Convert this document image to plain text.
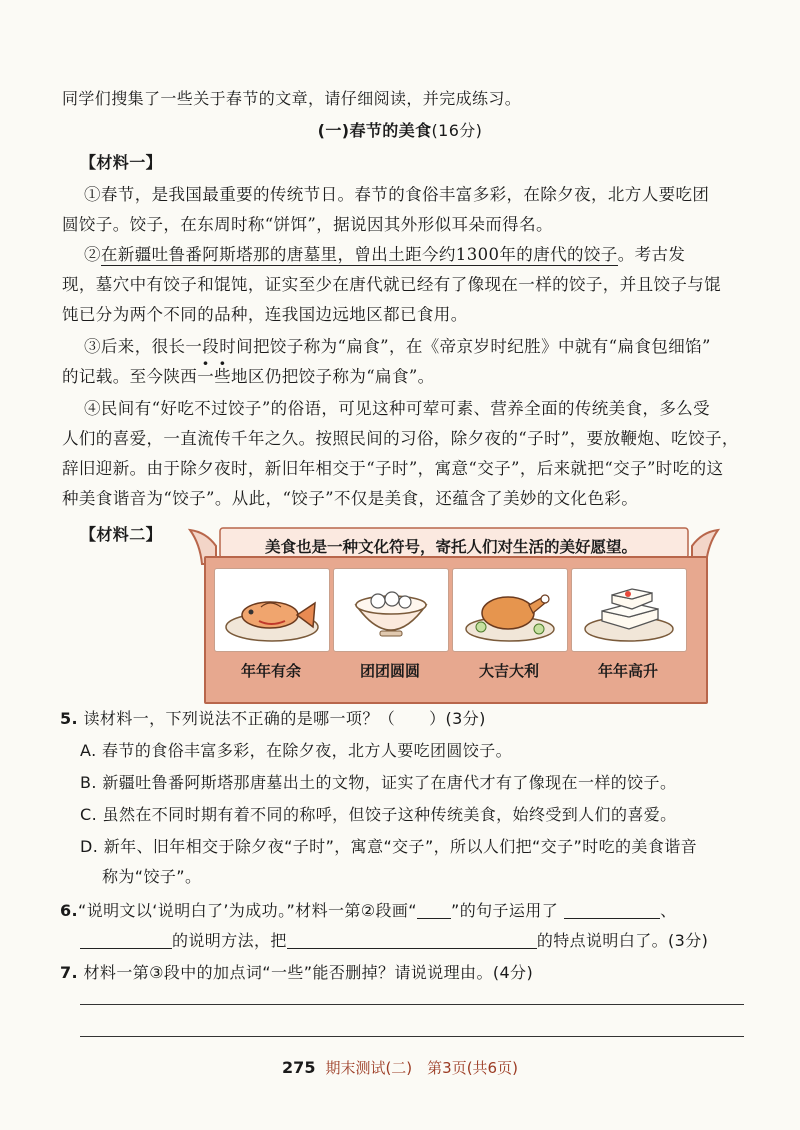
同学们搜集了一些关于春节的文章，请仔细阅读，并完成练习。
(一)春节的美食(16分)
【材料一】
①春节，是我国最重要的传统节日。春节的食俗丰富多彩，在除夕夜，北方人要吃团
圆饺子。饺子，在东周时称“饼饵”，据说因其外形似耳朵而得名。
②在新疆吐鲁番阿斯塔那的唐墓里，曾出土距今约1300年的唐代的饺子。考古发
现，墓穴中有饺子和馄饨，证实至少在唐代就已经有了像现在一样的饺子，并且饺子与馄
饨已分为两个不同的品种，连我国边远地区都已食用。
③后来，很长一段时间把饺子称为“扁食”，在《帝京岁时纪胜》中就有“扁食包细馅”
的记载。至今陕西一些地区仍把饺子称为“扁食”。
④民间有“好吃不过饺子”的俗语，可见这种可荤可素、营养全面的传统美食，多么受
人们的喜爱，一直流传千年之久。按照民间的习俗，除夕夜的“子时”，要放鞭炮、吃饺子，
辞旧迎新。由于除夕夜时，新旧年相交于“子时”，寓意“交子”，后来就把“交子”时吃的这
种美食谐音为“饺子”。从此，“饺子”不仅是美食，还蕴含了美妙的文化色彩。
【材料二】
美食也是一种文化符号，寄托人们对生活的美好愿望。
年年有余	团团圆圆	大吉大利	年年高升
5. 读材料一，下列说法不正确的是哪一项？（ ）(3分)
A. 春节的食俗丰富多彩，在除夕夜，北方人要吃团圆饺子。
B. 新疆吐鲁番阿斯塔那唐墓出土的文物，证实了在唐代才有了像现在一样的饺子。
C. 虽然在不同时期有着不同的称呼，但饺子这种传统美食，始终受到人们的喜爱。
D. 新年、旧年相交于除夕夜“子时”，寓意“交子”，所以人们把“交子”时吃的美食谐音
称为“饺子”。
6.“说明文以‘说明白了’为成功。”材料一第②段画“ ”的句子运用了	、
的说明方法，把	的特点说明白了。(3分)
7. 材料一第③段中的加点词“一些”能否删掉？请说说理由。(4分)
275 期末测试(二)　第3页(共6页)
